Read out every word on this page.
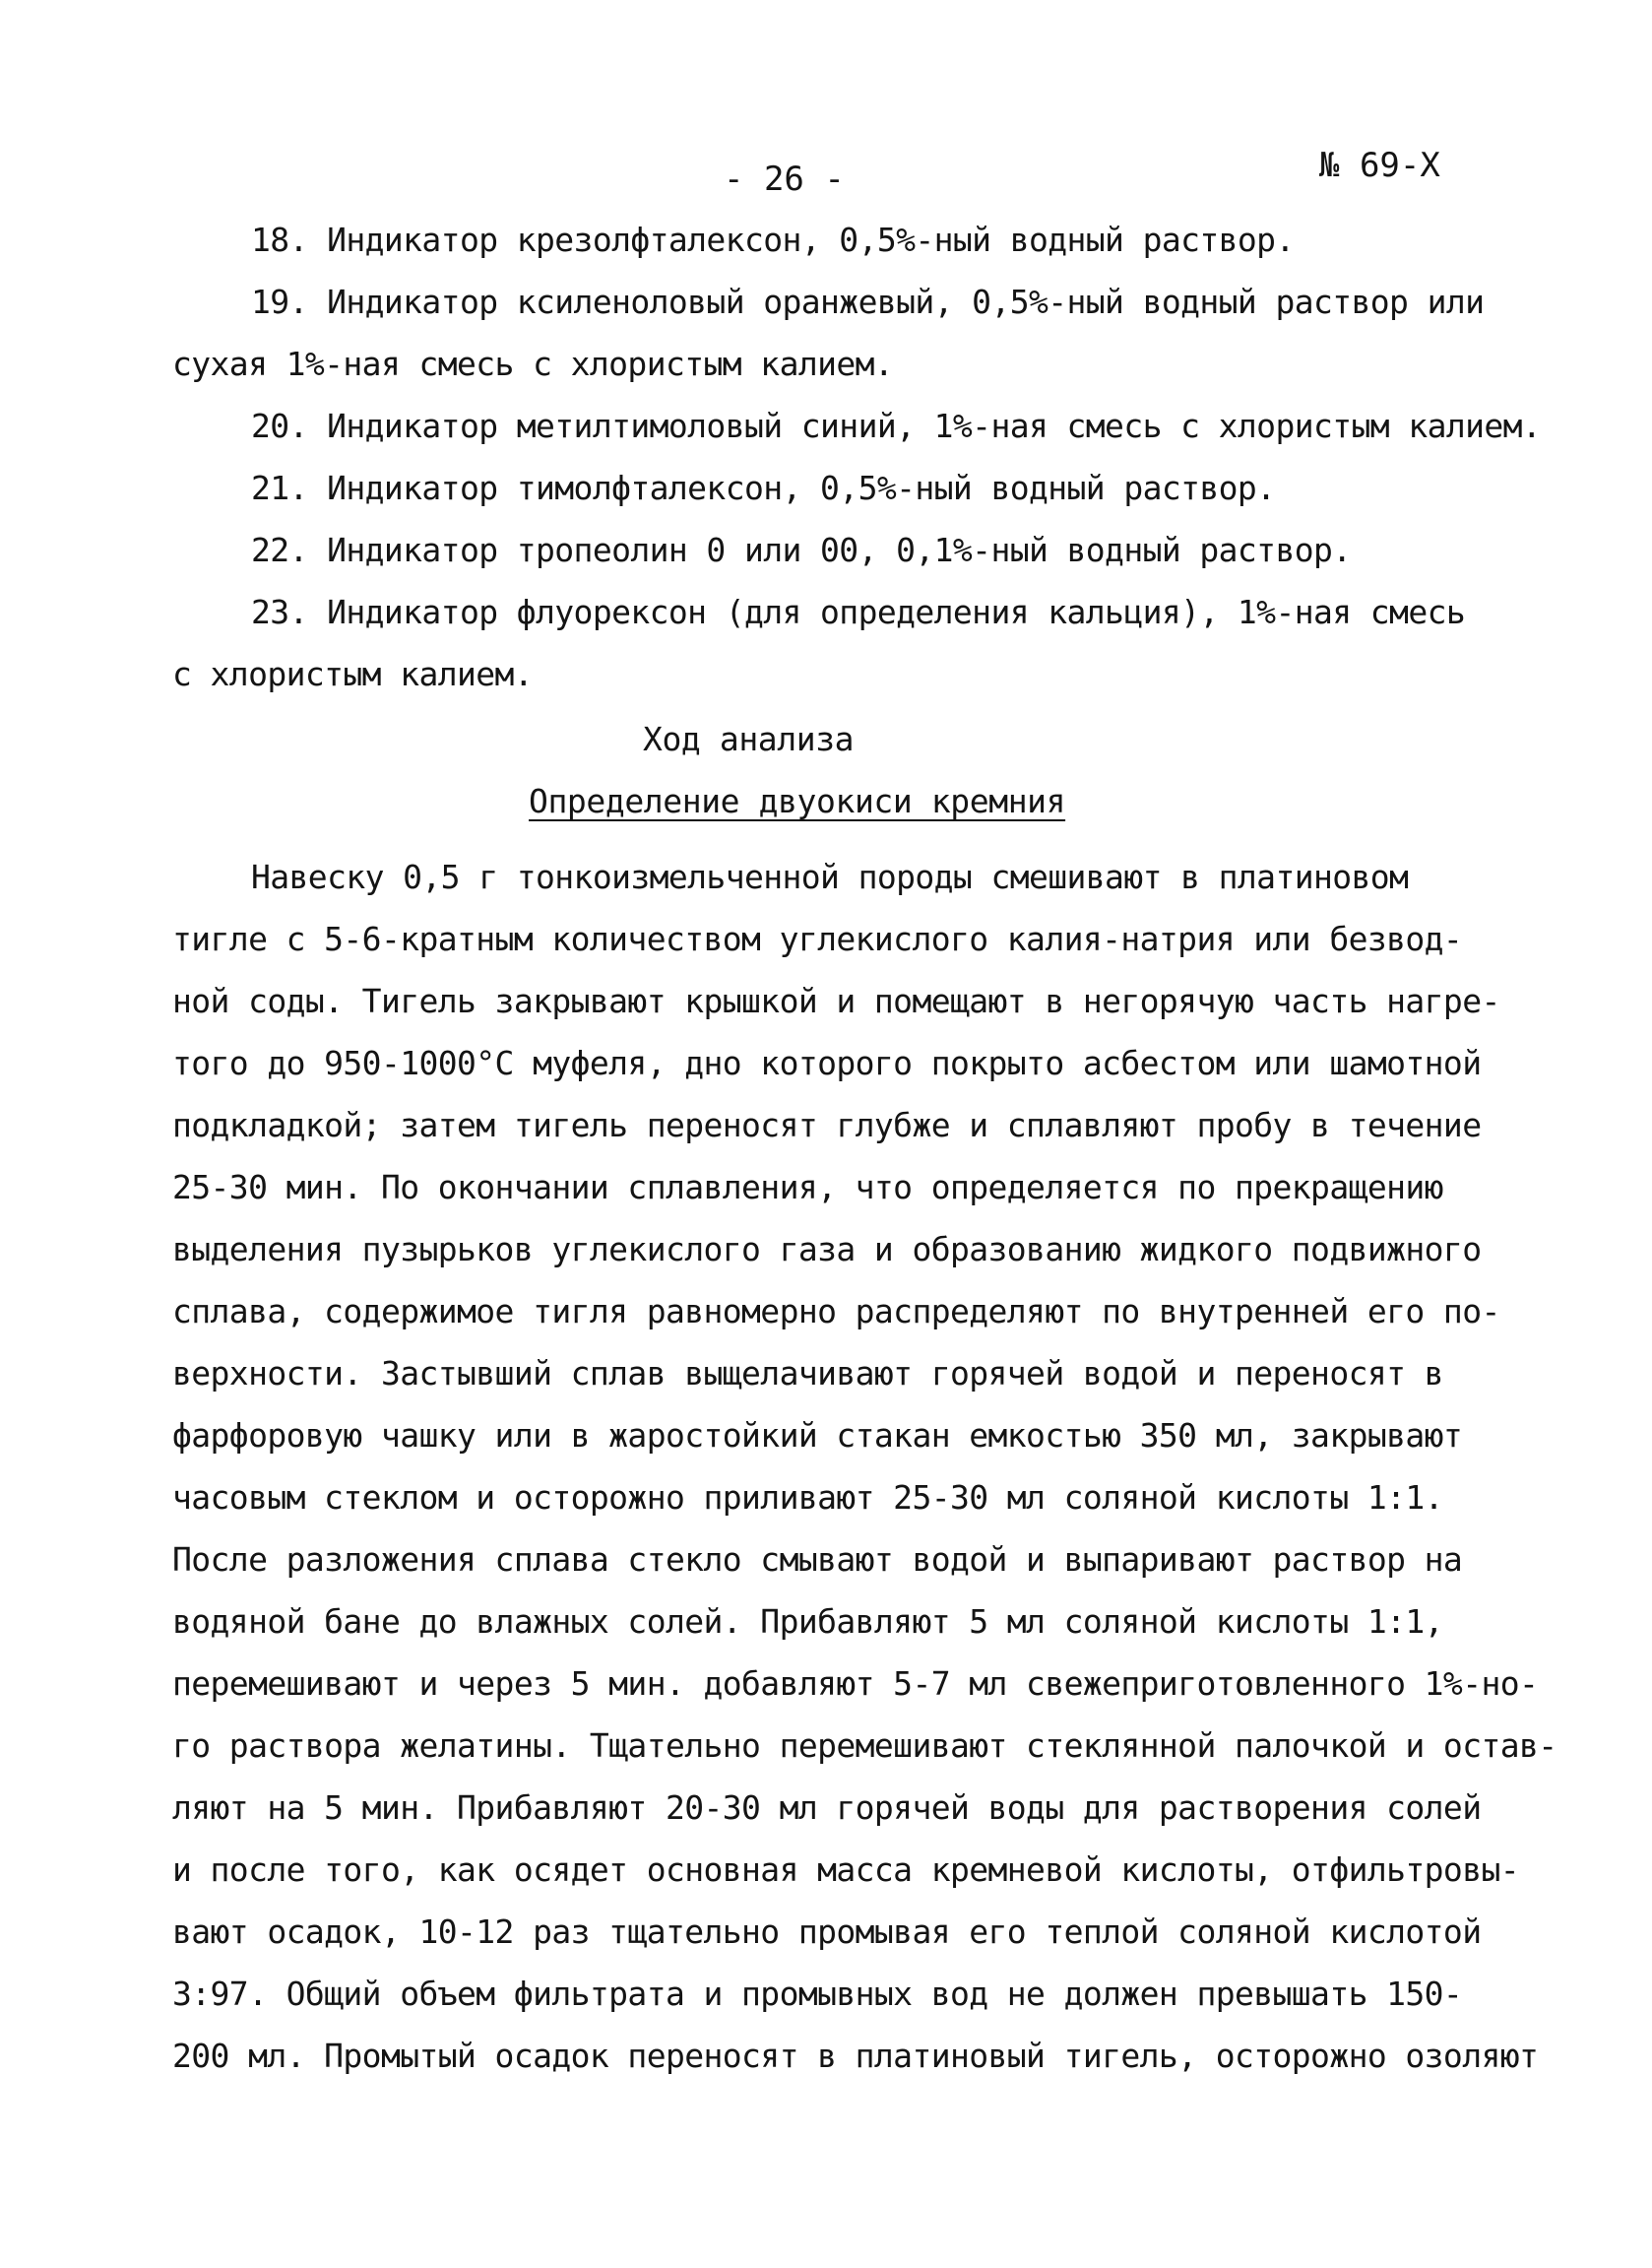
- 26 -	№ 69-Х
18. Индикатор крезолфталексон, 0,5%-ный водный раствор.
19. Индикатор ксиленоловый оранжевый, 0,5%-ный водный раствор или
сухая 1%-ная смесь с хлористым калием.
20. Индикатор метилтимоловый синий, 1%-ная смесь с хлористым калием.
21. Индикатор тимолфталексон, 0,5%-ный водный раствор.
22. Индикатор тропеолин 0 или 00, 0,1%-ный водный раствор.
23. Индикатор флуорексон (для определения кальция), 1%-ная смесь
с хлористым калием.
Ход анализа
Определение двуокиси кремния
Навеску 0,5 г тонкоизмельченной породы смешивают в платиновом
тигле с 5-6-кратным количеством углекислого калия-натрия или безвод-
ной соды. Тигель закрывают крышкой и помещают в негорячую часть нагре-
того до 950-1000°С муфеля, дно которого покрыто асбестом или шамотной
подкладкой; затем тигель переносят глубже и сплавляют пробу в течение
25-30 мин. По окончании сплавления, что определяется по прекращению
выделения пузырьков углекислого газа и образованию жидкого подвижного
сплава, содержимое тигля равномерно распределяют по внутренней его по-
верхности. Застывший сплав выщелачивают горячей водой и переносят в
фарфоровую чашку или в жаростойкий стакан емкостью 350 мл, закрывают
часовым стеклом и осторожно приливают 25-30 мл соляной кислоты 1:1.
После разложения сплава стекло смывают водой и выпаривают раствор на
водяной бане до влажных солей. Прибавляют 5 мл соляной кислоты 1:1,
перемешивают и через 5 мин. добавляют 5-7 мл свежеприготовленного 1%-но-
го раствора желатины. Тщательно перемешивают стеклянной палочкой и остав-
ляют на 5 мин. Прибавляют 20-30 мл горячей воды для растворения солей
и после того, как осядет основная масса кремневой кислоты, отфильтровы-
вают осадок, 10-12 раз тщательно промывая его теплой соляной кислотой
3:97. Общий объем фильтрата и промывных вод не должен превышать 150-
200 мл. Промытый осадок переносят в платиновый тигель, осторожно озоляют
